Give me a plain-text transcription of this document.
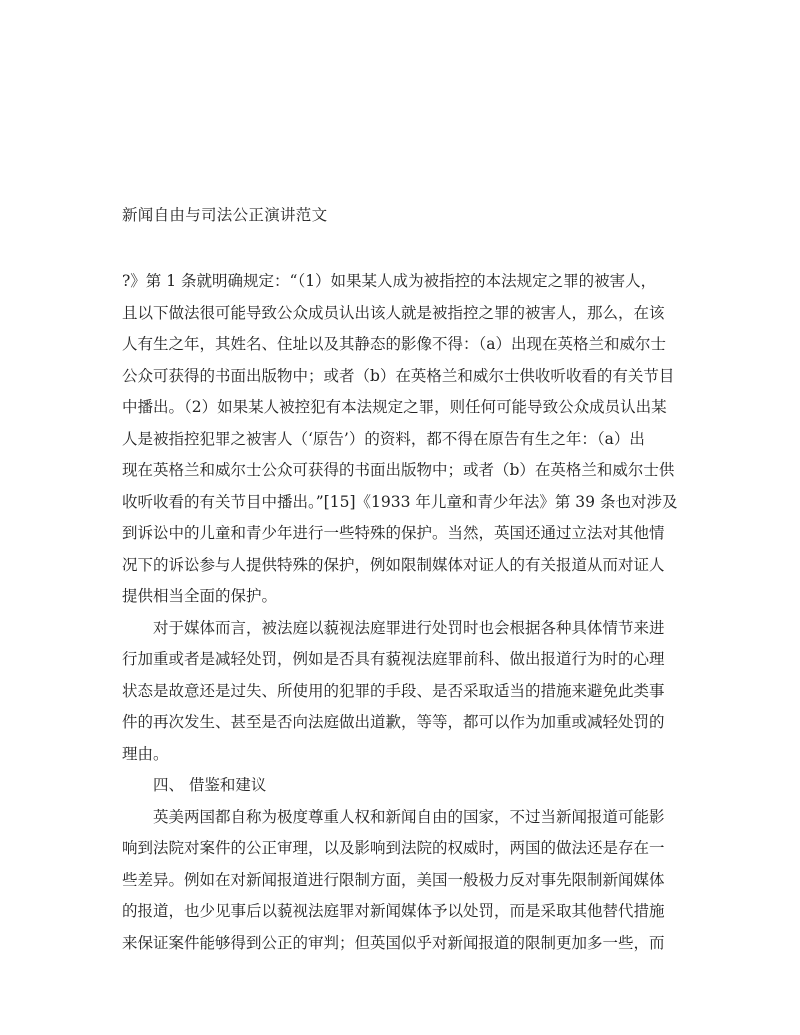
新闻自由与司法公正演讲范文
?》第 1 条就明确规定：“（1）如果某人成为被指控的本法规定之罪的被害人，
且以下做法很可能导致公众成员认出该人就是被指控之罪的被害人，那么，在该
人有生之年，其姓名、住址以及其静态的影像不得：（a）出现在英格兰和威尔士
公众可获得的书面出版物中；或者（b）在英格兰和威尔士供收听收看的有关节目
中播出。（2）如果某人被控犯有本法规定之罪，则任何可能导致公众成员认出某
人是被指控犯罪之被害人（‘原告’）的资料，都不得在原告有生之年：（a）出
现在英格兰和威尔士公众可获得的书面出版物中；或者（b）在英格兰和威尔士供
收听收看的有关节目中播出。”[15]《1933 年儿童和青少年法》第 39 条也对涉及
到诉讼中的儿童和青少年进行一些特殊的保护。当然，英国还通过立法对其他情
况下的诉讼参与人提供特殊的保护，例如限制媒体对证人的有关报道从而对证人
提供相当全面的保护。
对于媒体而言，被法庭以藐视法庭罪进行处罚时也会根据各种具体情节来进
行加重或者是减轻处罚，例如是否具有藐视法庭罪前科、做出报道行为时的心理
状态是故意还是过失、所使用的犯罪的手段、是否采取适当的措施来避免此类事
件的再次发生、甚至是否向法庭做出道歉，等等，都可以作为加重或减轻处罚的
理由。
四、 借鉴和建议
英美两国都自称为极度尊重人权和新闻自由的国家，不过当新闻报道可能影
响到法院对案件的公正审理，以及影响到法院的权威时，两国的做法还是存在一
些差异。例如在对新闻报道进行限制方面，美国一般极力反对事先限制新闻媒体
的报道，也少见事后以藐视法庭罪对新闻媒体予以处罚，而是采取其他替代措施
来保证案件能够得到公正的审判；但英国似乎对新闻报道的限制更加多一些，而
